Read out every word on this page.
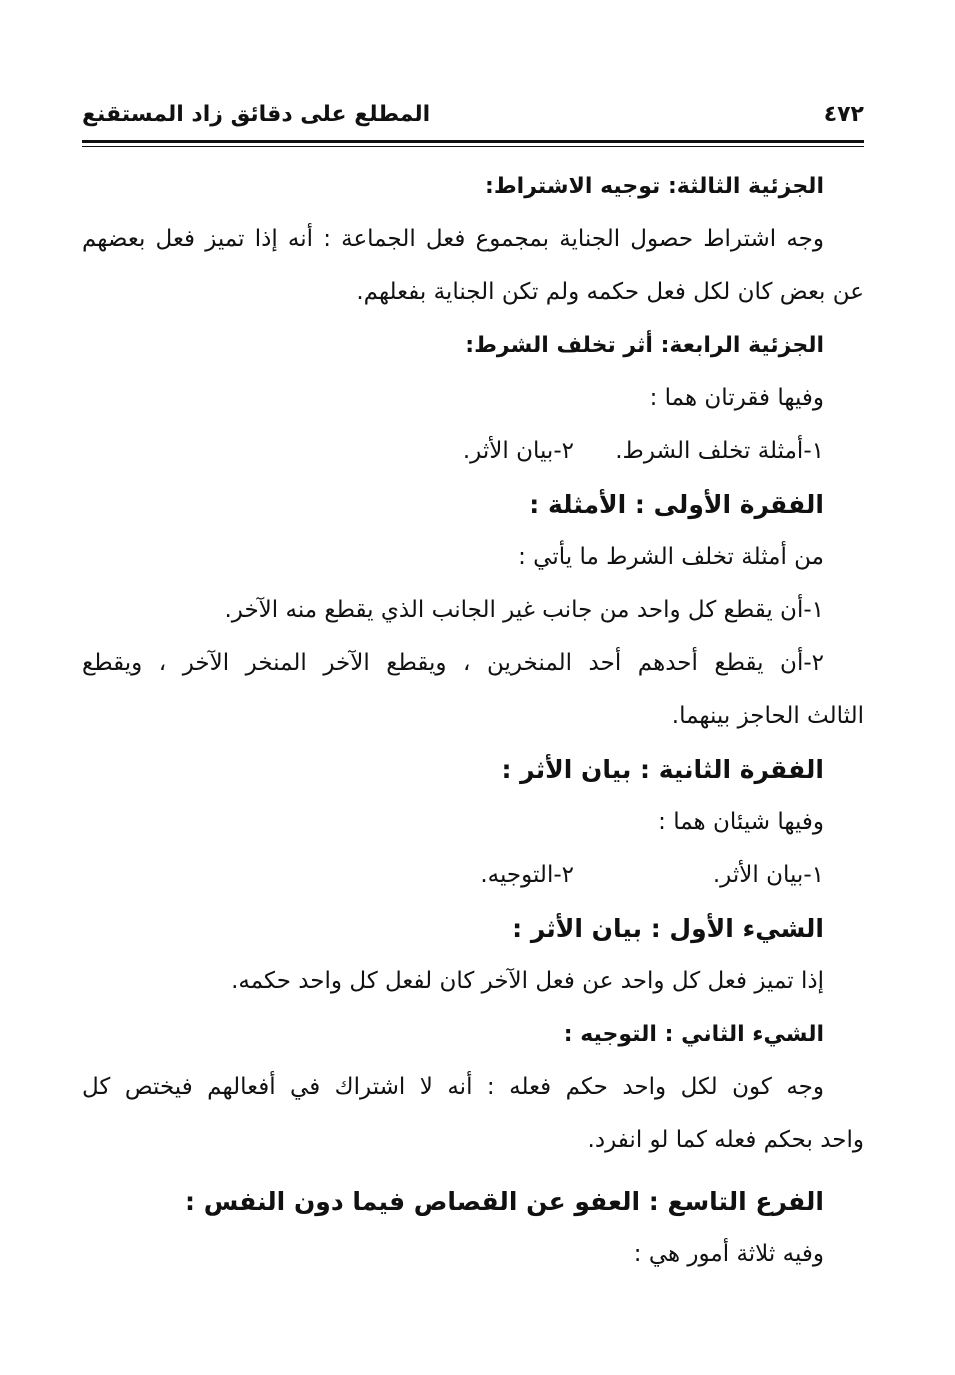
٤٧٢
المطلع على دقائق زاد المستقنع
الجزئية الثالثة: توجيه الاشتراط:
وجه اشتراط حصول الجناية بمجموع فعل الجماعة : أنه إذا تميز فعل بعضهم
عن بعض كان لكل فعل حكمه ولم تكن الجناية بفعلهم.
الجزئية الرابعة: أثر تخلف الشرط:
وفيها فقرتان هما :
١-أمثلة تخلف الشرط.
٢-بيان الأثر.
الفقرة الأولى : الأمثلة :
من أمثلة تخلف الشرط ما يأتي :
١-أن يقطع كل واحد من جانب غير الجانب الذي يقطع منه الآخر.
٢-أن يقطع أحدهم أحد المنخرين ، ويقطع الآخر المنخر الآخر ، ويقطع
الثالث الحاجز بينهما.
الفقرة الثانية : بيان الأثر :
وفيها شيئان هما :
١-بيان الأثر.
٢-التوجيه.
الشيء الأول : بيان الأثر :
إذا تميز فعل كل واحد عن فعل الآخر كان لفعل كل واحد حكمه.
الشيء الثاني : التوجيه :
وجه كون لكل واحد حكم فعله : أنه لا اشتراك في أفعالهم فيختص كل
واحد بحكم فعله كما لو انفرد.
الفرع التاسع : العفو عن القصاص فيما دون النفس :
وفيه ثلاثة أمور هي :
